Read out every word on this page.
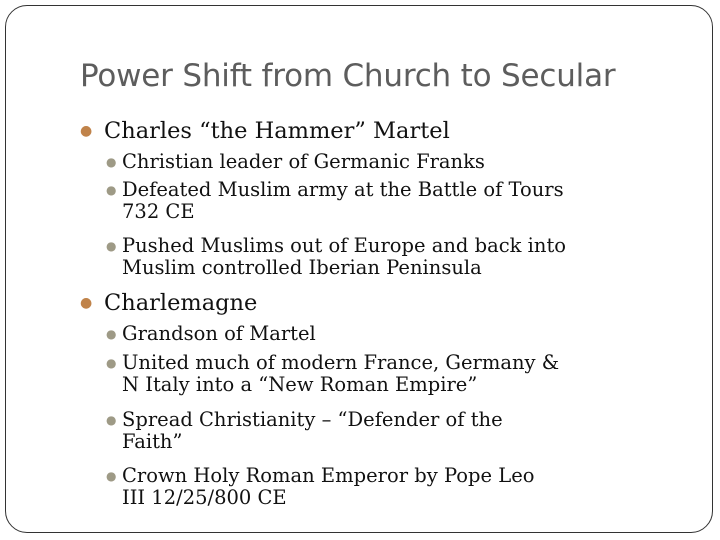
Power Shift from Church to Secular
● Charles “the Hammer” Martel
● Christian leader of Germanic Franks
● Defeated Muslim army at the Battle of Tours
732 CE
● Pushed Muslims out of Europe and back into
Muslim controlled Iberian Peninsula
● Charlemagne
● Grandson of Martel
● United much of modern France, Germany &
N Italy into a “New Roman Empire”
● Spread Christianity – “Defender of the
Faith”
● Crown Holy Roman Emperor by Pope Leo
III 12/25/800 CE
